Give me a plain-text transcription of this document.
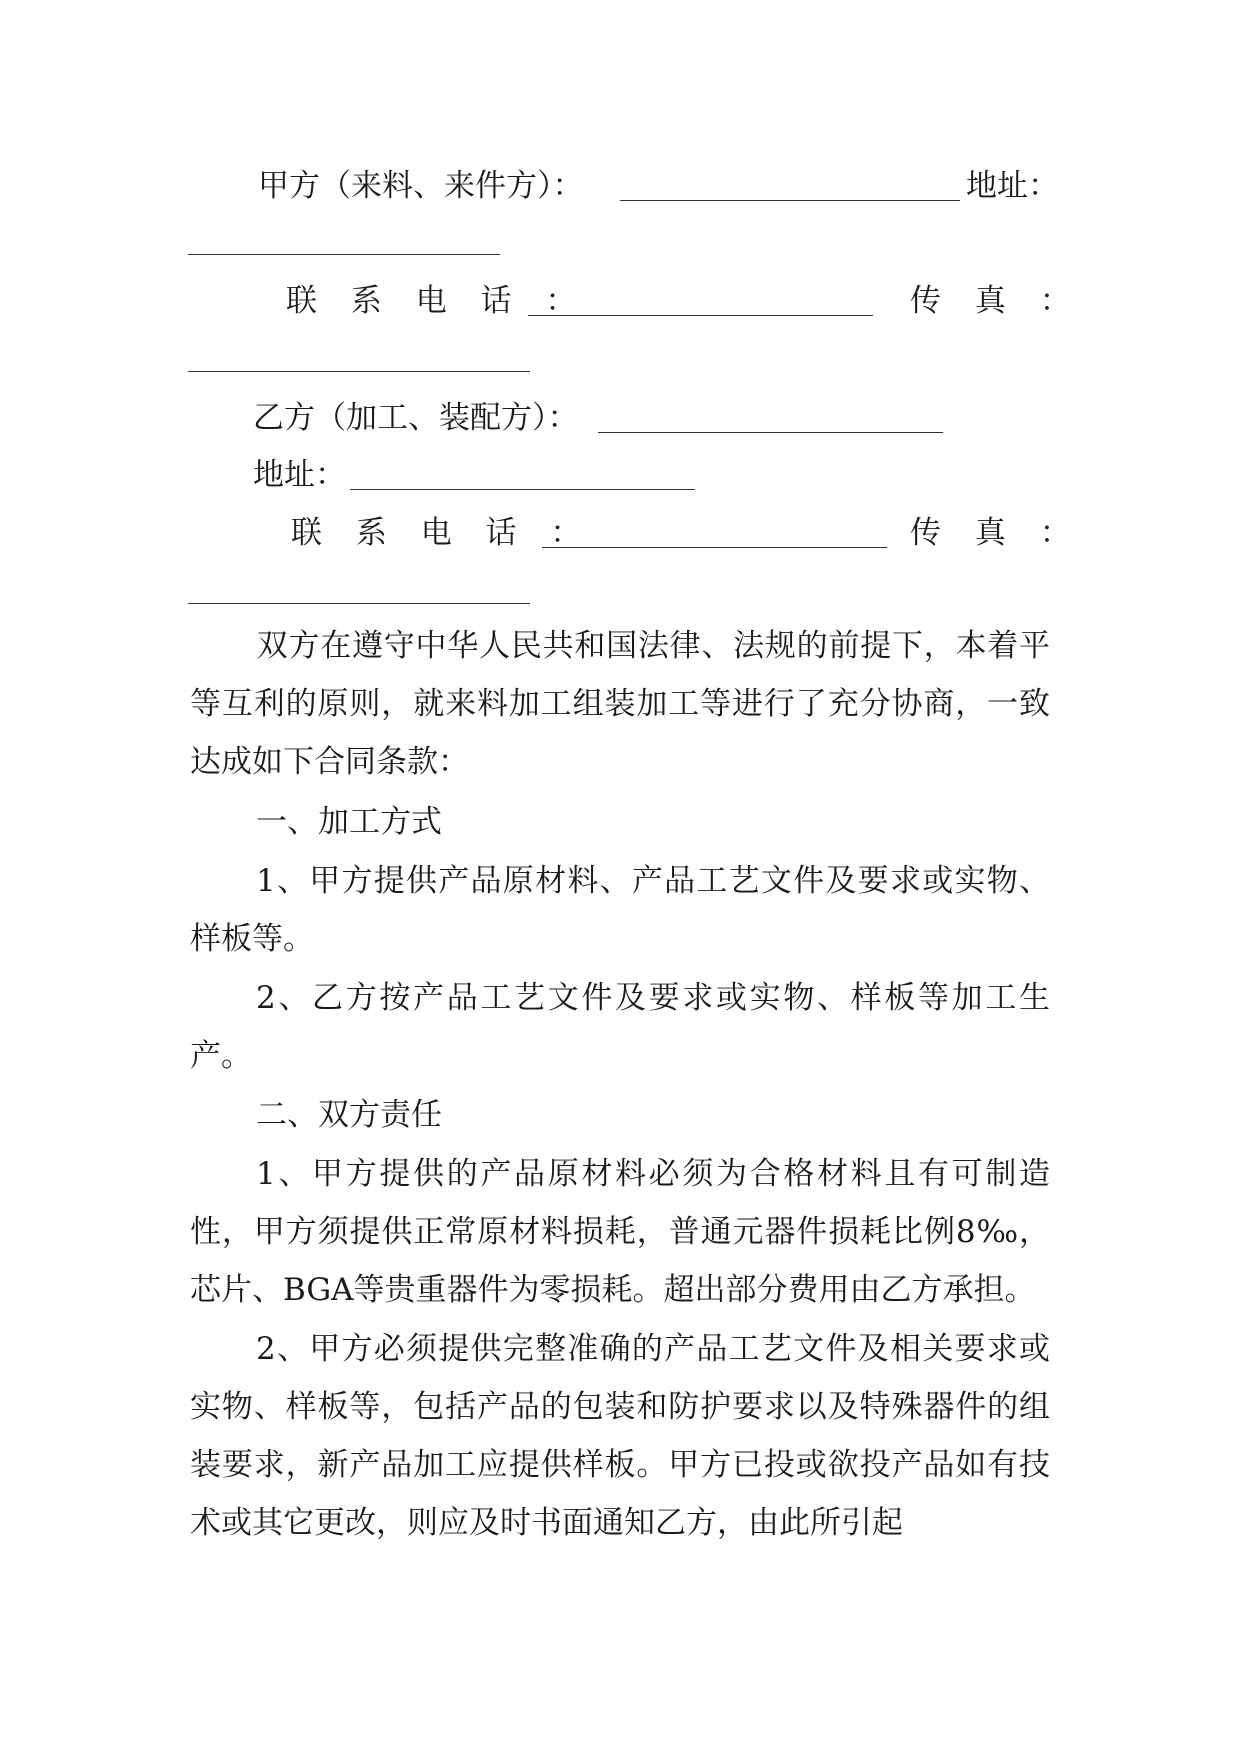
甲方（来料、来件方）：	地址：
联 系 电 话 ：	传 真 ：
乙方（加工、装配方）：
地址：
联 系 电 话 ：	传 真 ：
双方在遵守中华人民共和国法律、法规的前提下，本着平等互利的原则，就来料加工组装加工等进行了充分协商，一致达成如下合同条款：
一、加工方式
1、甲方提供产品原材料、产品工艺文件及要求或实物、样板等。
2、乙方按产品工艺文件及要求或实物、样板等加工生产。
二、双方责任
1、甲方提供的产品原材料必须为合格材料且有可制造性，甲方须提供正常原材料损耗，普通元器件损耗比例8‰，芯片、BGA等贵重器件为零损耗。超出部分费用由乙方承担。
2、甲方必须提供完整准确的产品工艺文件及相关要求或实物、样板等，包括产品的包装和防护要求以及特殊器件的组装要求，新产品加工应提供样板。甲方已投或欲投产品如有技术或其它更改，则应及时书面通知乙方，由此所引起
